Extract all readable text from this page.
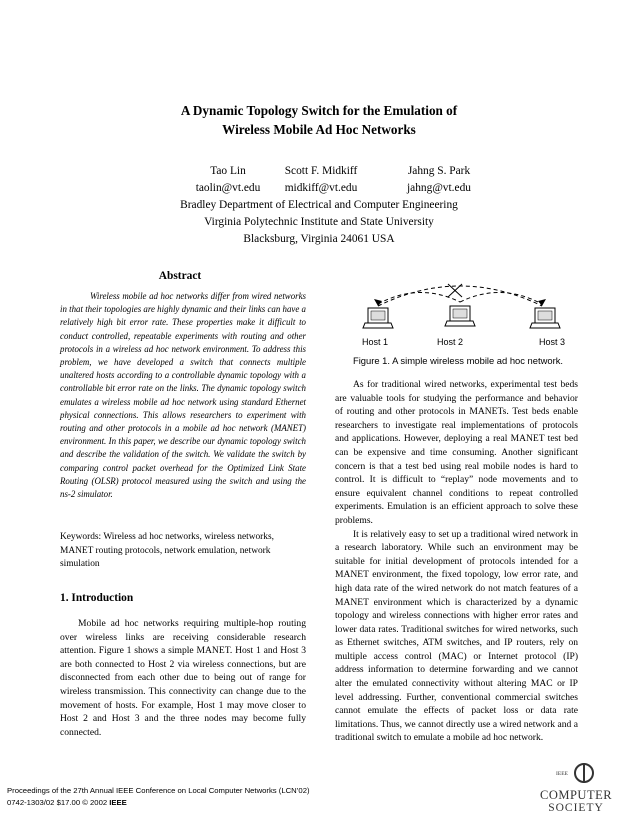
A Dynamic Topology Switch for the Emulation of
Wireless Mobile Ad Hoc Networks
Tao Lin
taolin@vt.edu
Scott F. Midkiff
midkiff@vt.edu
Jahng S. Park
jahng@vt.edu
Bradley Department of Electrical and Computer Engineering
Virginia Polytechnic Institute and State University
Blacksburg, Virginia 24061 USA
Abstract
Wireless mobile ad hoc networks differ from wired networks in that their topologies are highly dynamic and their links can have a relatively high bit error rate. These properties make it difficult to conduct controlled, repeatable experiments with routing and other protocols in a wireless ad hoc network environment. To address this problem, we have developed a switch that connects multiple unaltered hosts according to a controllable dynamic topology with a controllable bit error rate on the links. The dynamic topology switch emulates a wireless mobile ad hoc network using standard Ethernet physical connections. This allows researchers to experiment with routing and other protocols in a mobile ad hoc network (MANET) environment. In this paper, we describe our dynamic topology switch and describe the validation of the switch. We validate the switch by comparing control packet overhead for the Optimized Link State Routing (OLSR) protocol measured using the switch and using the ns-2 simulator.
Keywords: Wireless ad hoc networks, wireless networks, MANET routing protocols, network emulation, network simulation
1. Introduction
Mobile ad hoc networks requiring multiple-hop routing over wireless links are receiving considerable research attention. Figure 1 shows a simple MANET. Host 1 and Host 3 are both connected to Host 2 via wireless connections, but are disconnected from each other due to being out of range for wireless transmission. This connectivity can change due to the movement of hosts. For example, Host 1 may move closer to Host 2 and Host 3 and the three nodes may become fully connected.
Host 1	Host 2	Host 3
Figure 1. A simple wireless mobile ad hoc network.

As for traditional wired networks, experimental test beds are valuable tools for studying the performance and behavior of routing and other protocols in MANETs. Test beds enable researchers to investigate real implementations of protocols and applications. However, deploying a real MANET test bed can be expensive and time consuming. Another significant concern is that a test bed using real mobile nodes is hard to control. It is difficult to “replay” node movements and to ensure equivalent channel conditions to repeat controlled experiments. Emulation is an efficient approach to solve these problems.

It is relatively easy to set up a traditional wired network in a research laboratory. While such an environment may be suitable for initial development of protocols intended for a MANET environment, the fixed topology, low error rate, and high data rate of the wired network do not match features of a MANET environment which is characterized by a dynamic topology and wireless connections with higher error rates and lower data rates. Traditional switches for wired networks, such as Ethernet switches, ATM switches, and IP routers, rely on multiple access control (MAC) or Internet protocol (IP) address information to determine forwarding and we cannot alter the emulated connectivity without altering MAC or IP level addressing. Further, conventional commercial switches cannot emulate the effects of packet loss or data rate limitations. Thus, we cannot directly use a wired network and a traditional switch to emulate a mobile ad hoc network.

Proceedings of the 27th Annual IEEE Conference on Local Computer Networks (LCN’02)
0742-1303/02 $17.00 © 2002 IEEE
IEEE
COMPUTER
SOCIETY
